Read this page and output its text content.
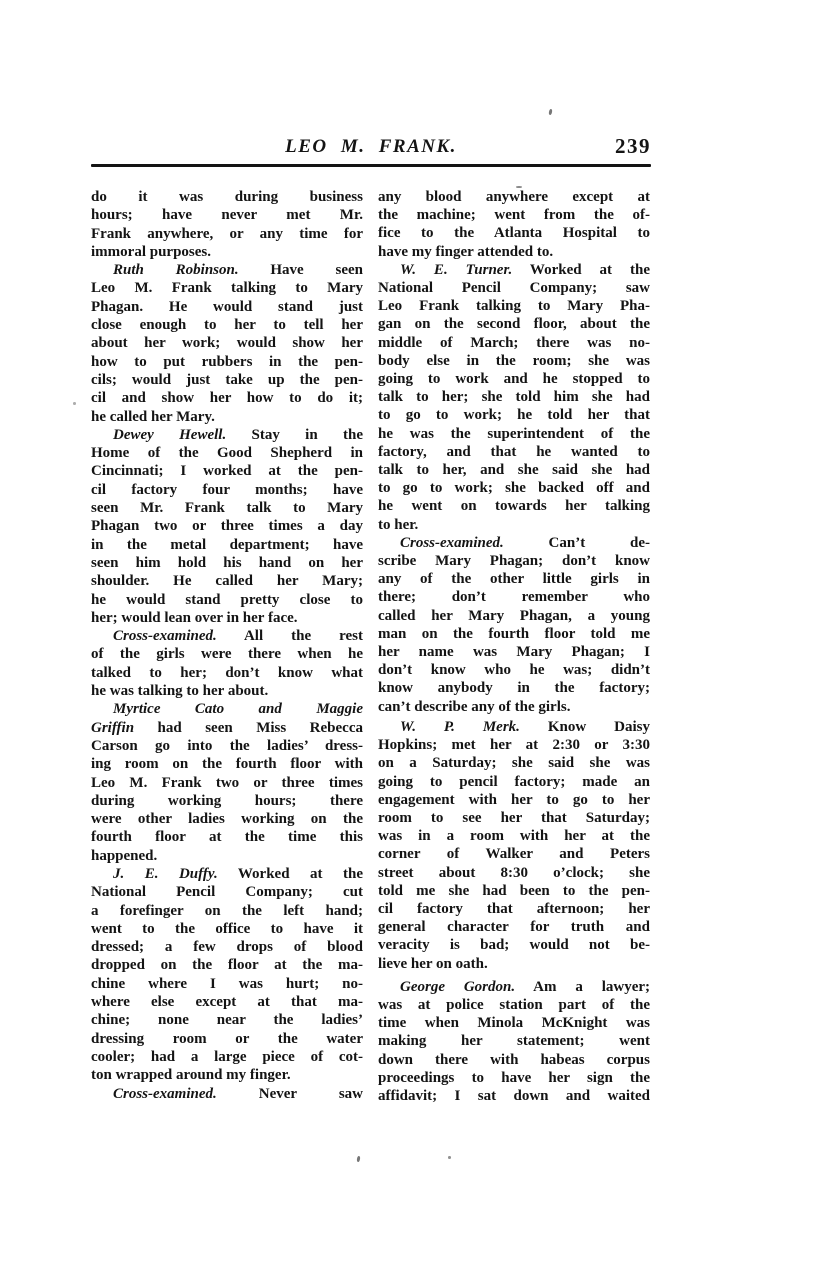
LEO M. FRANK.	239
do it was during business
hours; have never met Mr.
Frank anywhere, or any time for
immoral purposes.
Ruth Robinson. Have seen
Leo M. Frank talking to Mary
Phagan. He would stand just
close enough to her to tell her
about her work; would show her
how to put rubbers in the pen-
cils; would just take up the pen-
cil and show her how to do it;
he called her Mary.
Dewey Hewell. Stay in the
Home of the Good Shepherd in
Cincinnati; I worked at the pen-
cil factory four months; have
seen Mr. Frank talk to Mary
Phagan two or three times a day
in the metal department; have
seen him hold his hand on her
shoulder. He called her Mary;
he would stand pretty close to
her; would lean over in her face.
Cross-examined. All the rest
of the girls were there when he
talked to her; don’t know what
he was talking to her about.
Myrtice Cato and Maggie
Griffin had seen Miss Rebecca
Carson go into the ladies’ dress-
ing room on the fourth floor with
Leo M. Frank two or three times
during working hours; there
were other ladies working on the
fourth floor at the time this
happened.
J. E. Duffy. Worked at the
National Pencil Company; cut
a forefinger on the left hand;
went to the office to have it
dressed; a few drops of blood
dropped on the floor at the ma-
chine where I was hurt; no-
where else except at that ma-
chine; none near the ladies’
dressing room or the water
cooler; had a large piece of cot-
ton wrapped around my finger.
Cross-examined. Never saw
any blood anywhere except at
the machine; went from the of-
fice to the Atlanta Hospital to
have my finger attended to.
W. E. Turner. Worked at the
National Pencil Company; saw
Leo Frank talking to Mary Pha-
gan on the second floor, about the
middle of March; there was no-
body else in the room; she was
going to work and he stopped to
talk to her; she told him she had
to go to work; he told her that
he was the superintendent of the
factory, and that he wanted to
talk to her, and she said she had
to go to work; she backed off and
he went on towards her talking
to her.
Cross-examined. Can’t de-
scribe Mary Phagan; don’t know
any of the other little girls in
there; don’t remember who
called her Mary Phagan, a young
man on the fourth floor told me
her name was Mary Phagan; I
don’t know who he was; didn’t
know anybody in the factory;
can’t describe any of the girls.
W. P. Merk. Know Daisy
Hopkins; met her at 2:30 or 3:30
on a Saturday; she said she was
going to pencil factory; made an
engagement with her to go to her
room to see her that Saturday;
was in a room with her at the
corner of Walker and Peters
street about 8:30 o’clock; she
told me she had been to the pen-
cil factory that afternoon; her
general character for truth and
veracity is bad; would not be-
lieve her on oath.
George Gordon. Am a lawyer;
was at police station part of the
time when Minola McKnight was
making her statement; went
down there with habeas corpus
proceedings to have her sign the
affidavit; I sat down and waited
